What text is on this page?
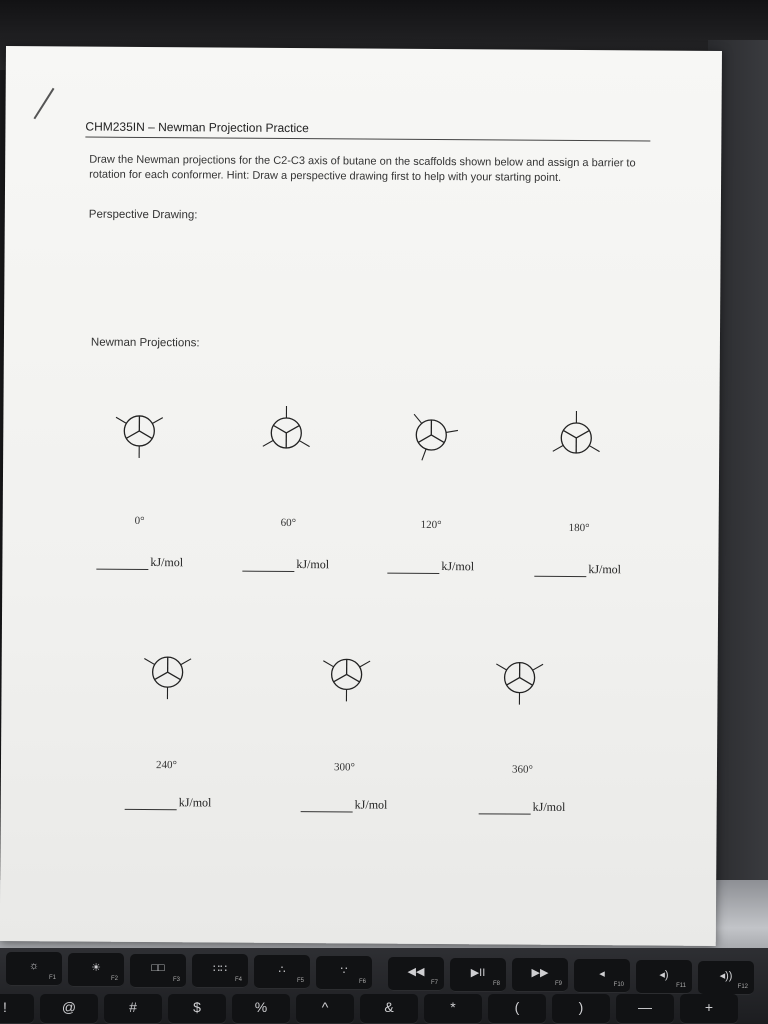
CHM235IN – Newman Projection Practice
Draw the Newman projections for the C2-C3 axis of butane on the scaffolds shown below and assign a barrier to rotation for each conformer. Hint: Draw a perspective drawing first to help with your starting point.
Perspective Drawing:
Newman Projections:
0°	60°	120°	180°
kJ/mol	kJ/mol	kJ/mol	kJ/mol
240°	300°	360°
kJ/mol	kJ/mol	kJ/mol
☼
F1
☀
F2
□□
F3
∷∷
F4
∴
F5
∵
F6
◀◀
F7
▶II
F8
▶▶
F9
◂
F10
◂)
F11
◂))
F12
!	@	#	$	%	^	&	*	(	)	—	+
